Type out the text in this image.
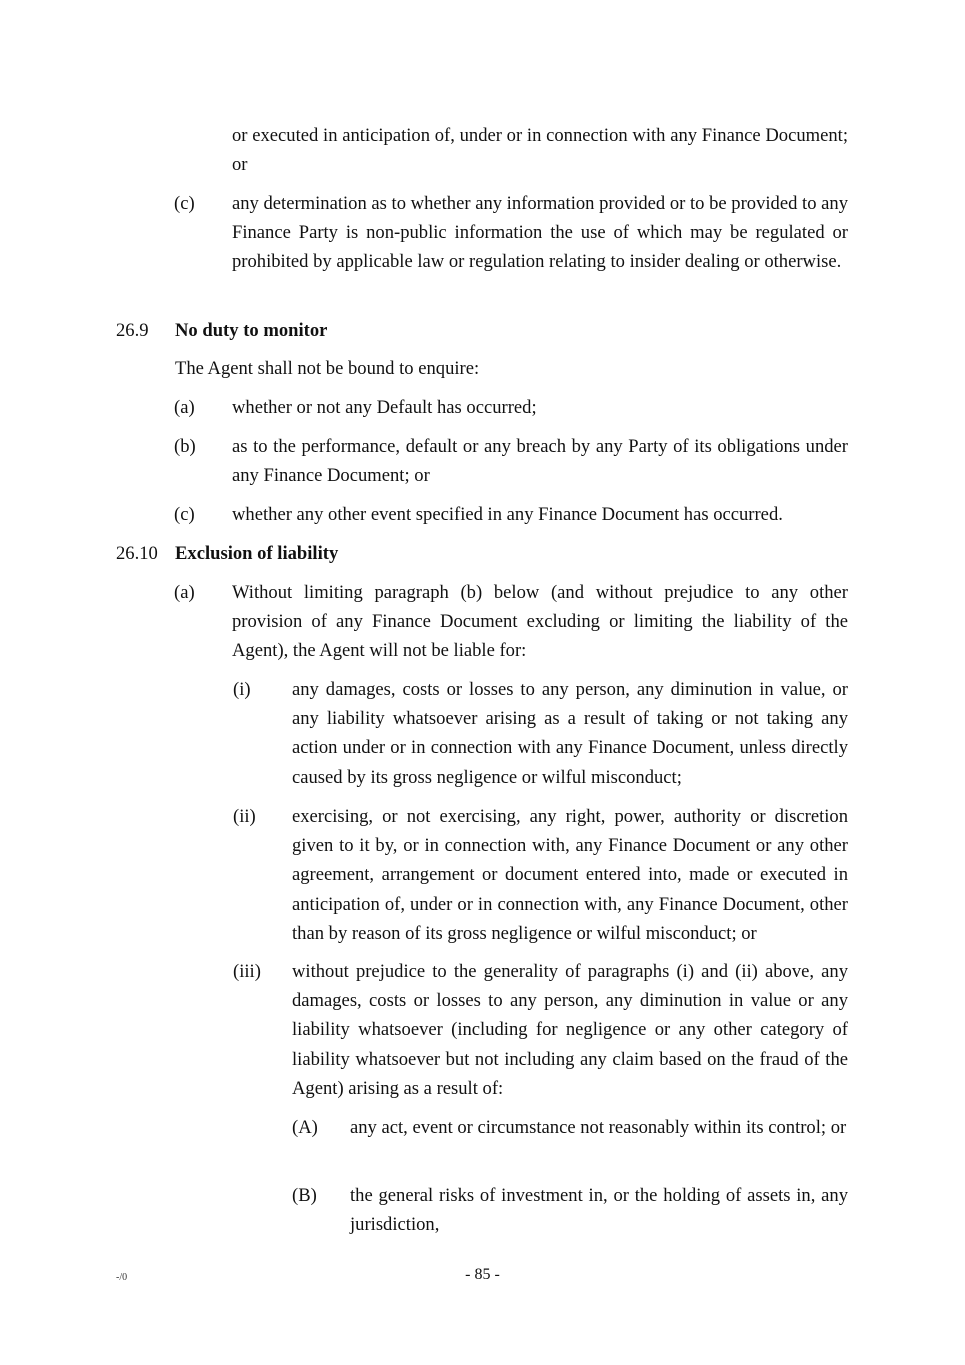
or executed in anticipation of, under or in connection with any Finance Document; or
(c) any determination as to whether any information provided or to be provided to any Finance Party is non-public information the use of which may be regulated or prohibited by applicable law or regulation relating to insider dealing or otherwise.
26.9 No duty to monitor
The Agent shall not be bound to enquire:
(a) whether or not any Default has occurred;
(b) as to the performance, default or any breach by any Party of its obligations under any Finance Document; or
(c) whether any other event specified in any Finance Document has occurred.
26.10 Exclusion of liability
(a) Without limiting paragraph (b) below (and without prejudice to any other provision of any Finance Document excluding or limiting the liability of the Agent), the Agent will not be liable for:
(i) any damages, costs or losses to any person, any diminution in value, or any liability whatsoever arising as a result of taking or not taking any action under or in connection with any Finance Document, unless directly caused by its gross negligence or wilful misconduct;
(ii) exercising, or not exercising, any right, power, authority or discretion given to it by, or in connection with, any Finance Document or any other agreement, arrangement or document entered into, made or executed in anticipation of, under or in connection with, any Finance Document, other than by reason of its gross negligence or wilful misconduct; or
(iii) without prejudice to the generality of paragraphs (i) and (ii) above, any damages, costs or losses to any person, any diminution in value or any liability whatsoever (including for negligence or any other category of liability whatsoever but not including any claim based on the fraud of the Agent) arising as a result of:
(A) any act, event or circumstance not reasonably within its control; or
(B) the general risks of investment in, or the holding of assets in, any jurisdiction,
-/0	- 85 -
